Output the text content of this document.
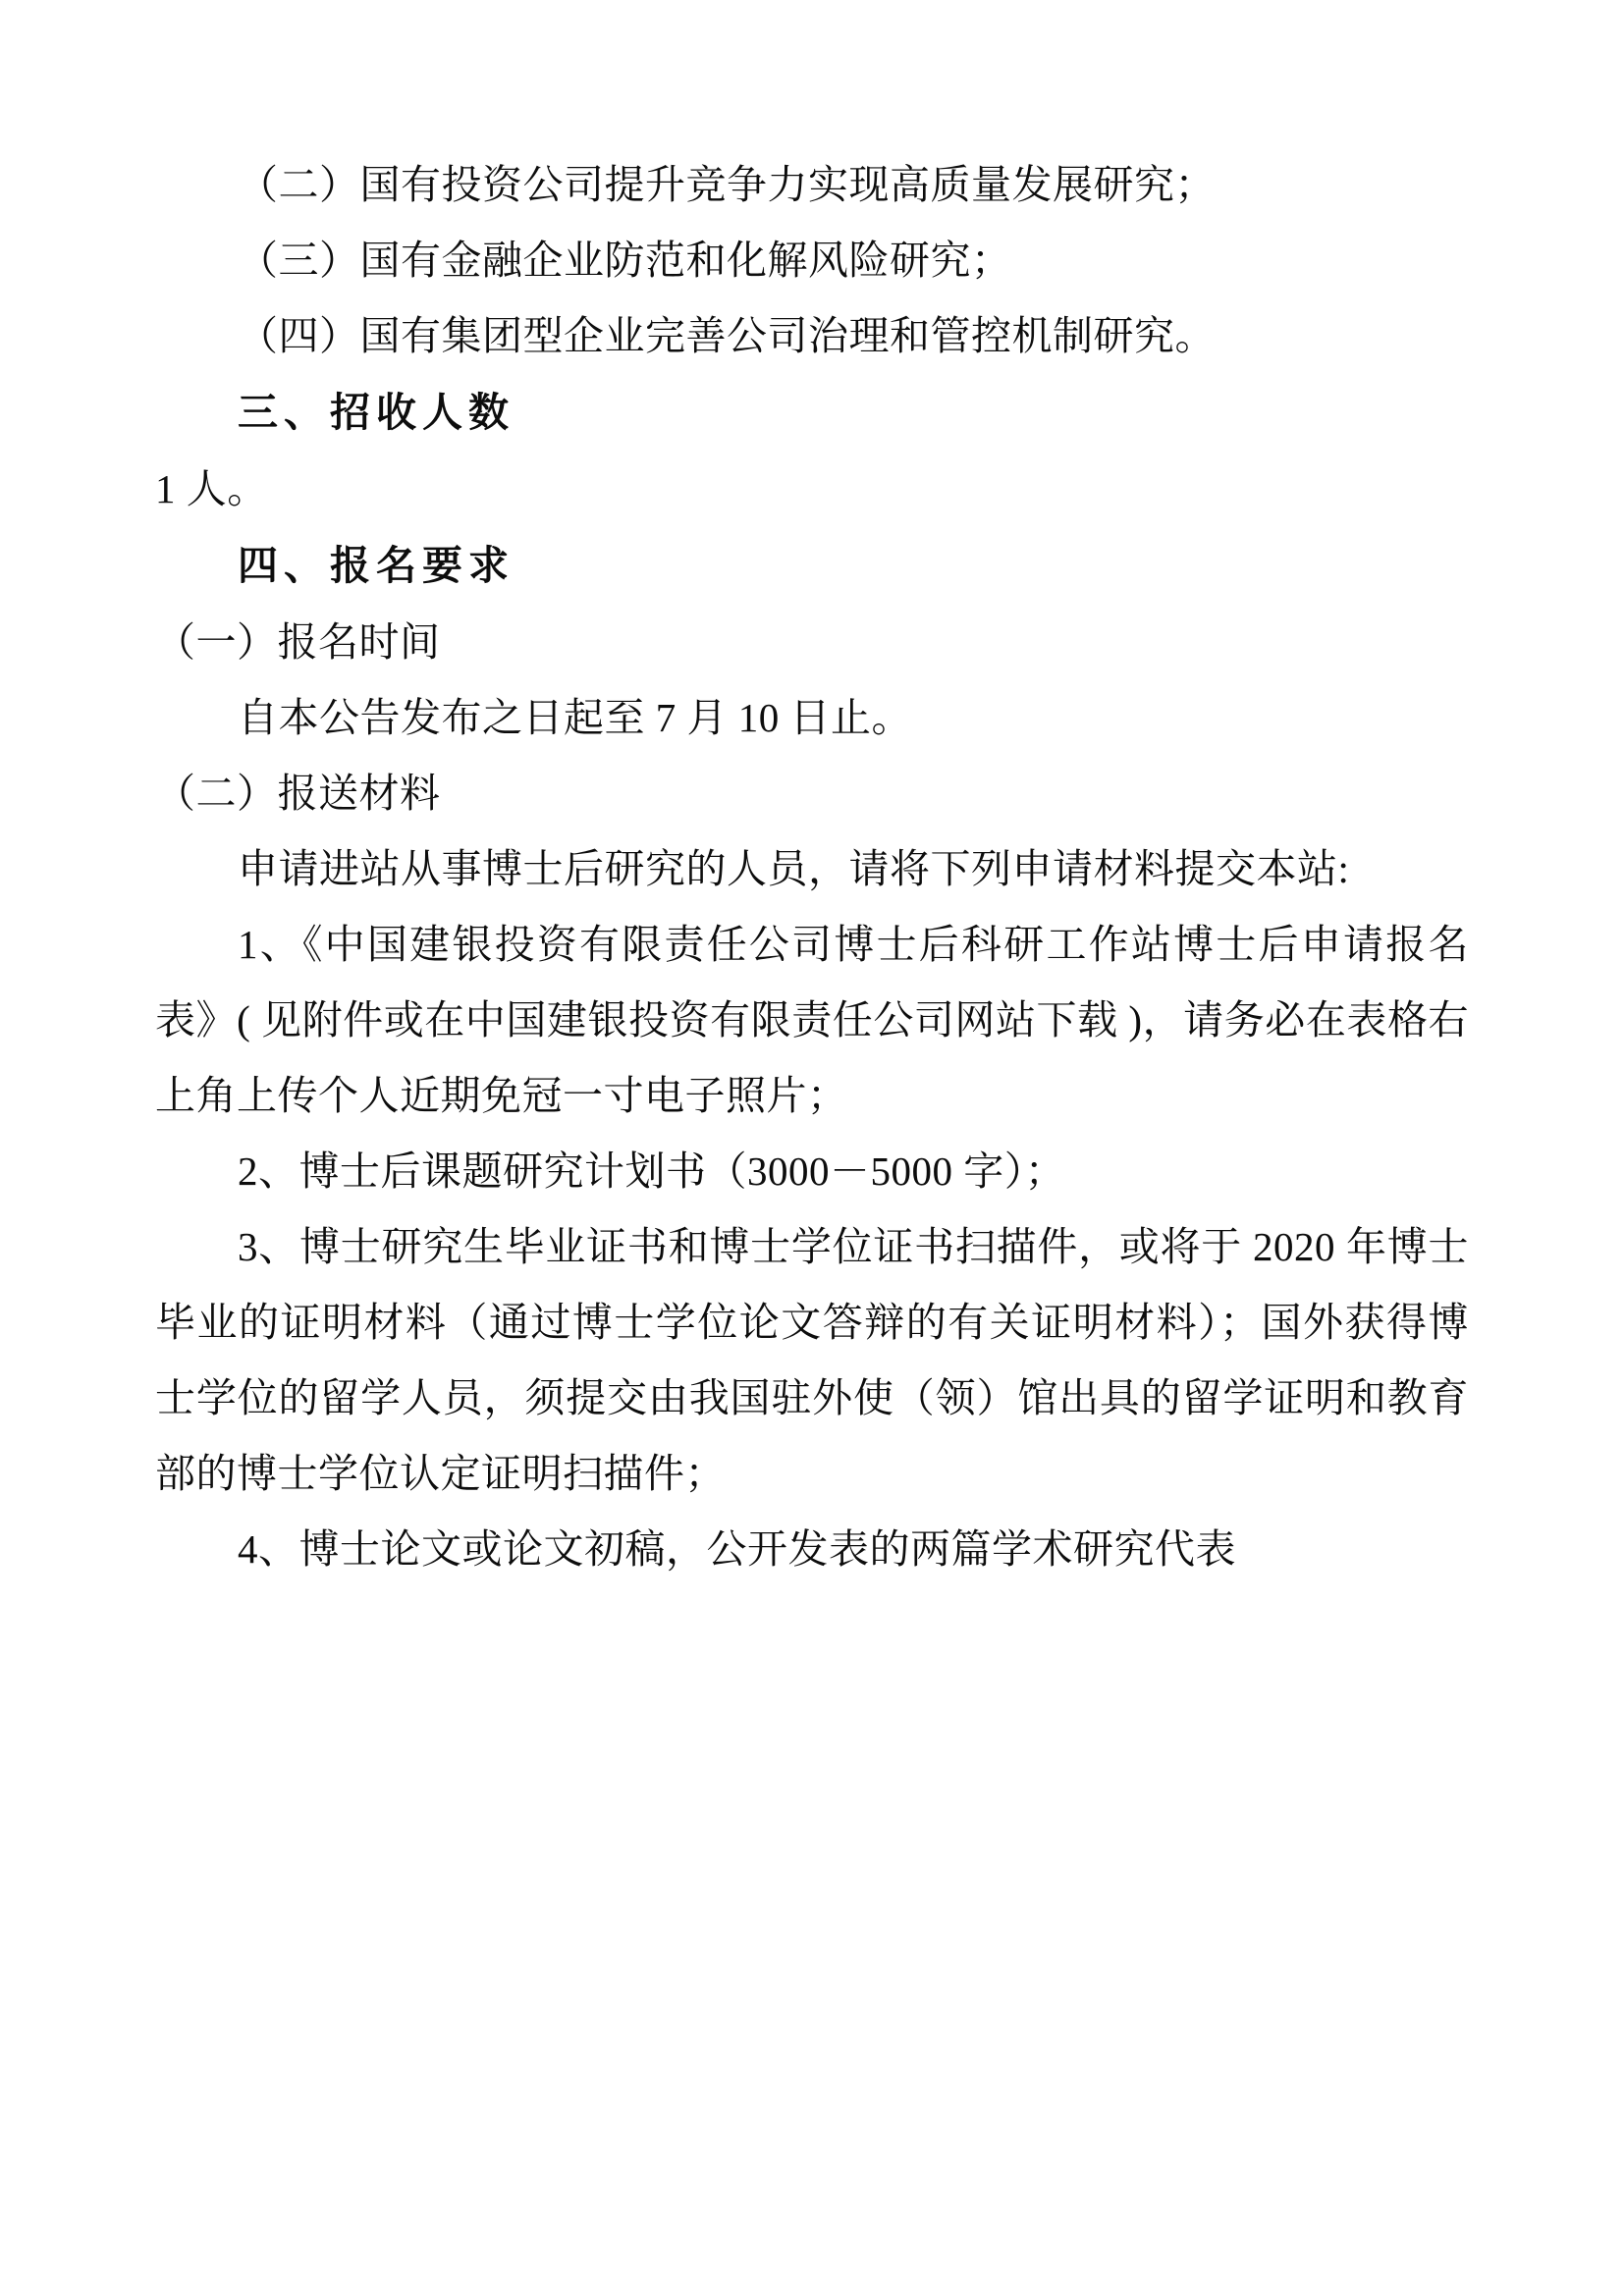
（二）国有投资公司提升竞争力实现高质量发展研究；

（三）国有金融企业防范和化解风险研究；

（四）国有集团型企业完善公司治理和管控机制研究。

三、招收人数

1 人。

四、报名要求

（一）报名时间

自本公告发布之日起至 7 月 10 日止。

（二）报送材料

申请进站从事博士后研究的人员，请将下列申请材料提交本站:

1、《中国建银投资有限责任公司博士后科研工作站博士后申请报名表》( 见附件或在中国建银投资有限责任公司网站下载 )，请务必在表格右上角上传个人近期免冠一寸电子照片；

2、博士后课题研究计划书（3000－5000 字）；

3、博士研究生毕业证书和博士学位证书扫描件，或将于 2020 年博士毕业的证明材料（通过博士学位论文答辩的有关证明材料）；国外获得博士学位的留学人员，须提交由我国驻外使（领）馆出具的留学证明和教育部的博士学位认定证明扫描件；

4、博士论文或论文初稿，公开发表的两篇学术研究代表
